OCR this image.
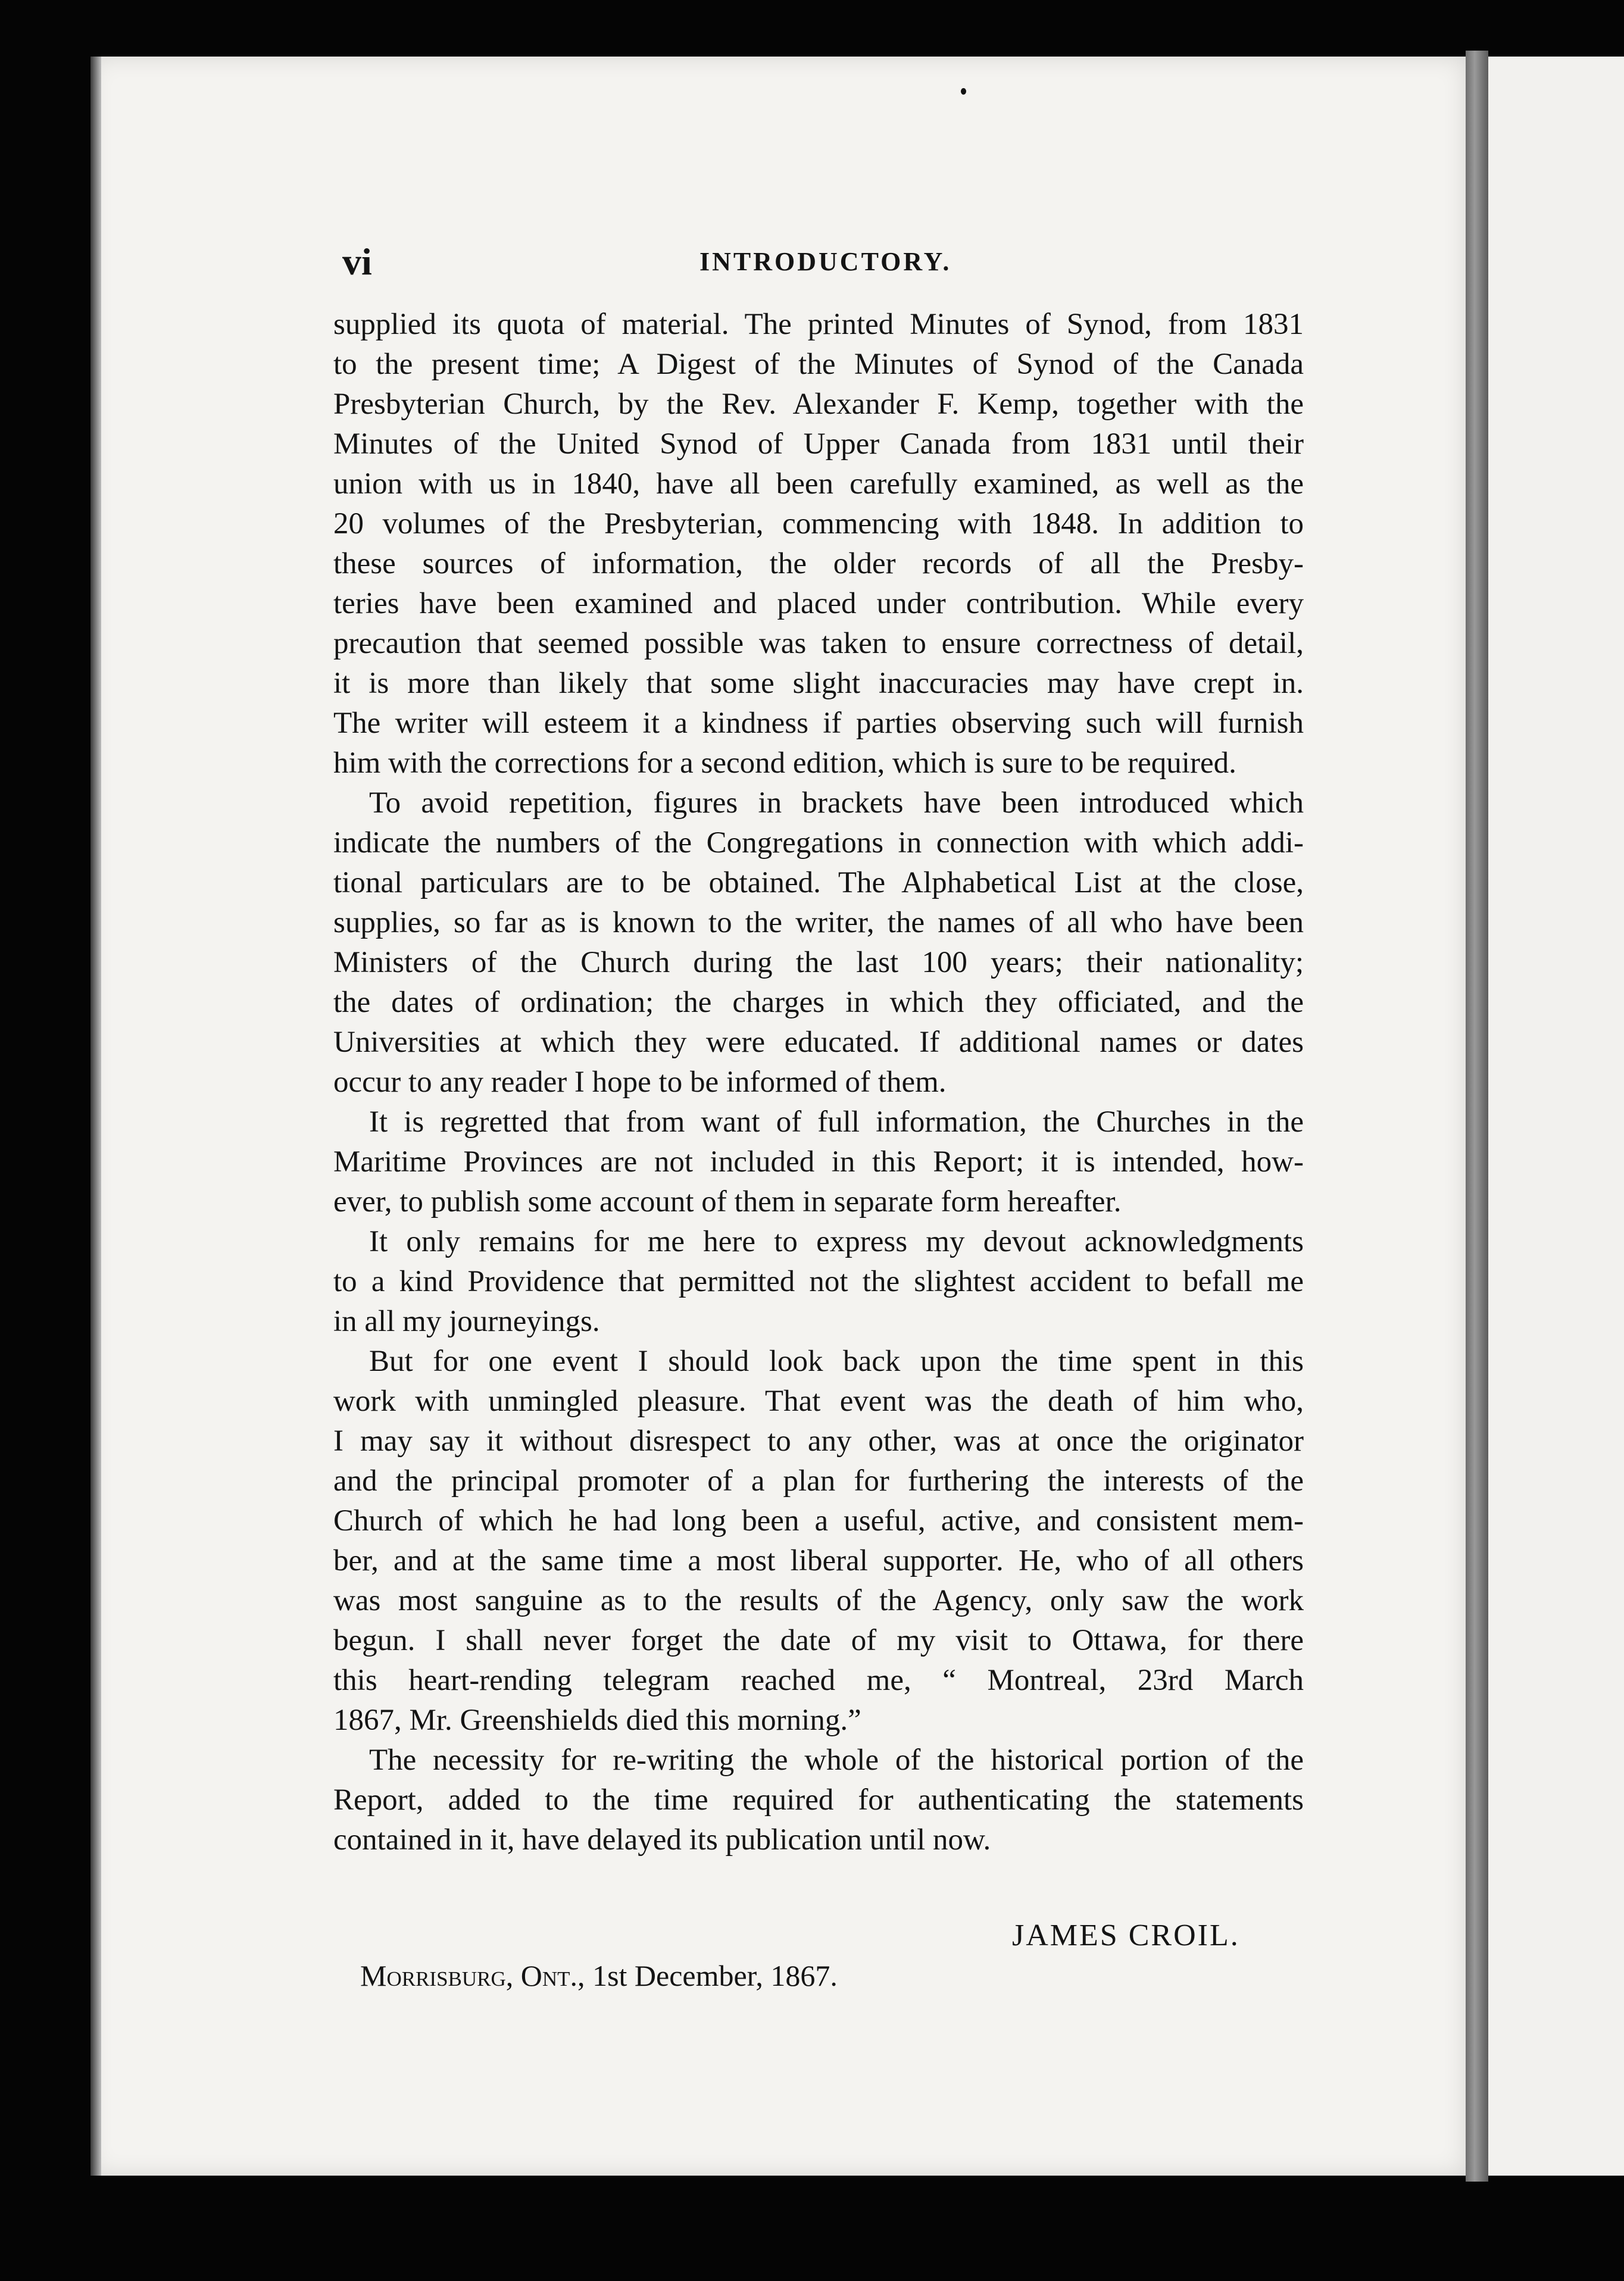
vi	INTRODUCTORY.

supplied its quota of material. The printed Minutes of Synod, from 1831
to the present time; A Digest of the Minutes of Synod of the Canada
Presbyterian Church, by the Rev. Alexander F. Kemp, together with the
Minutes of the United Synod of Upper Canada from 1831 until their
union with us in 1840, have all been carefully examined, as well as the
20 volumes of the Presbyterian, commencing with 1848. In addition to
these sources of information, the older records of all the Presby-
teries have been examined and placed under contribution. While every
precaution that seemed possible was taken to ensure correctness of detail,
it is more than likely that some slight inaccuracies may have crept in.
The writer will esteem it a kindness if parties observing such will furnish
him with the corrections for a second edition, which is sure to be required.

To avoid repetition, figures in brackets have been introduced which
indicate the numbers of the Congregations in connection with which addi-
tional particulars are to be obtained. The Alphabetical List at the close,
supplies, so far as is known to the writer, the names of all who have been
Ministers of the Church during the last 100 years; their nationality;
the dates of ordination; the charges in which they officiated, and the
Universities at which they were educated. If additional names or dates
occur to any reader I hope to be informed of them.

It is regretted that from want of full information, the Churches in the
Maritime Provinces are not included in this Report; it is intended, how-
ever, to publish some account of them in separate form hereafter.

It only remains for me here to express my devout acknowledgments
to a kind Providence that permitted not the slightest accident to befall me
in all my journeyings.

But for one event I should look back upon the time spent in this
work with unmingled pleasure. That event was the death of him who,
I may say it without disrespect to any other, was at once the originator
and the principal promoter of a plan for furthering the interests of the
Church of which he had long been a useful, active, and consistent mem-
ber, and at the same time a most liberal supporter. He, who of all others
was most sanguine as to the results of the Agency, only saw the work
begun. I shall never forget the date of my visit to Ottawa, for there
this heart-rending telegram reached me, “ Montreal, 23rd March
1867, Mr. Greenshields died this morning.”

The necessity for re-writing the whole of the historical portion of the
Report, added to the time required for authenticating the statements
contained in it, have delayed its publication until now.

JAMES CROIL.
Morrisburg, Ont., 1st December, 1867.
